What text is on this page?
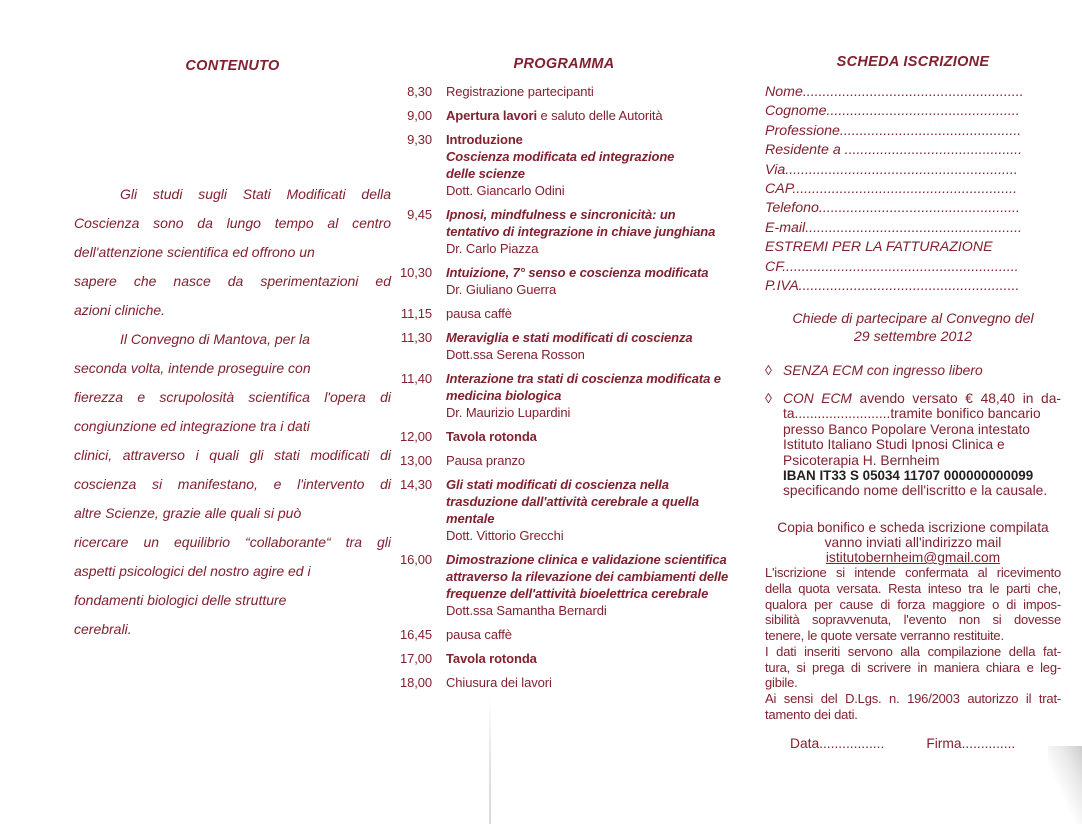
CONTENUTO
Gli studi sugli Stati Modificati della
Coscienza sono da lungo tempo al centro
dell'attenzione scientifica ed offrono un
sapere che nasce da sperimentazioni ed
azioni cliniche.
Il Convegno di Mantova, per la
seconda volta, intende proseguire con
fierezza e scrupolosità scientifica l'opera di
congiunzione ed integrazione tra i dati
clinici, attraverso i quali gli stati modificati di
coscienza si manifestano, e l'intervento di
altre Scienze, grazie alle quali si può
ricercare un equilibrio “collaborante“ tra gli
aspetti psicologici del nostro agire ed i
fondamenti biologici delle strutture
cerebrali.
PROGRAMMA
8,30 Registrazione partecipanti
9,00 Apertura lavori e saluto delle Autorità
9,30 Introduzione
Coscienza modificata ed integrazione
delle scienze
Dott. Giancarlo Odini
9,45 Ipnosi, mindfulness e sincronicità: un
tentativo di integrazione in chiave junghiana
Dr. Carlo Piazza
10,30 Intuizione, 7° senso e coscienza modificata
Dr. Giuliano Guerra
11,15 pausa caffè
11,30 Meraviglia e stati modificati di coscienza
Dott.ssa Serena Rosson
11,40 Interazione tra stati di coscienza modificata e
medicina biologica
Dr. Maurizio Lupardini
12,00 Tavola rotonda
13,00 Pausa pranzo
14,30 Gli stati modificati di coscienza nella
trasduzione dall'attività cerebrale a quella
mentale
Dott. Vittorio Grecchi
16,00 Dimostrazione clinica e validazione scientifica
attraverso la rilevazione dei cambiamenti delle
frequenze dell'attività bioelettrica cerebrale
Dott.ssa Samantha Bernardi
16,45 pausa caffè
17,00 Tavola rotonda
18,00 Chiusura dei lavori
SCHEDA ISCRIZIONE
Nome........................................................
Cognome.................................................
Professione..............................................
Residente a .............................................
Via...........................................................
CAP.........................................................
Telefono...................................................
E-mail.......................................................
ESTREMI PER LA FATTURAZIONE
CF............................................................
P.IVA........................................................
Chiede di partecipare al Convegno del
29 settembre 2012
◊ SENZA ECM con ingresso libero
◊ CON ECM avendo versato € 48,40 in da-
ta.........................tramite bonifico bancario
presso Banco Popolare Verona intestato
Istituto Italiano Studi Ipnosi Clinica e
Psicoterapia H. Bernheim
IBAN IT33 S 05034 11707 000000000099
specificando nome dell'iscritto e la causale.
Copia bonifico e scheda iscrizione compilata
vanno inviati all'indirizzo mail
istitutobernheim@gmail.com
L'iscrizione si intende confermata al ricevimento
della quota versata. Resta inteso tra le parti che,
qualora per cause di forza maggiore o di impos-
sibilità sopravvenuta, l'evento non si dovesse
tenere, le quote versate verranno restituite.
I dati inseriti servono alla compilazione della fat-
tura, si prega di scrivere in maniera chiara e leg-
gibile.
Ai sensi del D.Lgs. n. 196/2003 autorizzo il trat-
tamento dei dati.
Data.................	Firma..............
